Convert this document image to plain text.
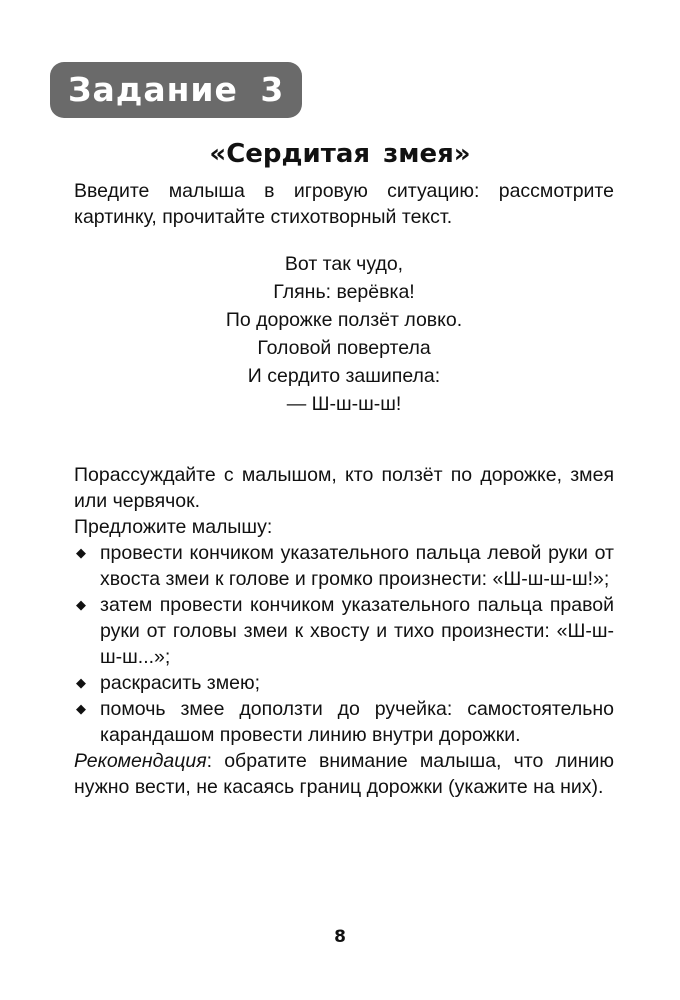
Задание 3
«Сердитая змея»

Введите малыша в игровую ситуацию: рассмотрите картинку, прочитайте стихотворный текст.

Вот так чудо,
Глянь: верёвка!
По дорожке ползёт ловко.
Головой повертела
И сердито зашипела:
— Ш-ш-ш-ш!

Порассуждайте с малышом, кто ползёт по дорожке, змея или червячок.

Предложите малышу:

◆ провести кончиком указательного пальца левой руки от хвоста змеи к голове и громко произнести: «Ш-ш-ш-ш!»;
◆ затем провести кончиком указательного пальца правой руки от головы змеи к хвосту и тихо произнести: «Ш-ш-ш-ш...»;
◆ раскрасить змею;
◆ помочь змее доползти до ручейка: самостоятельно карандашом провести линию внутри дорожки.

Рекомендация: обратите внимание малыша, что линию нужно вести, не касаясь границ дорожки (укажите на них).

8
